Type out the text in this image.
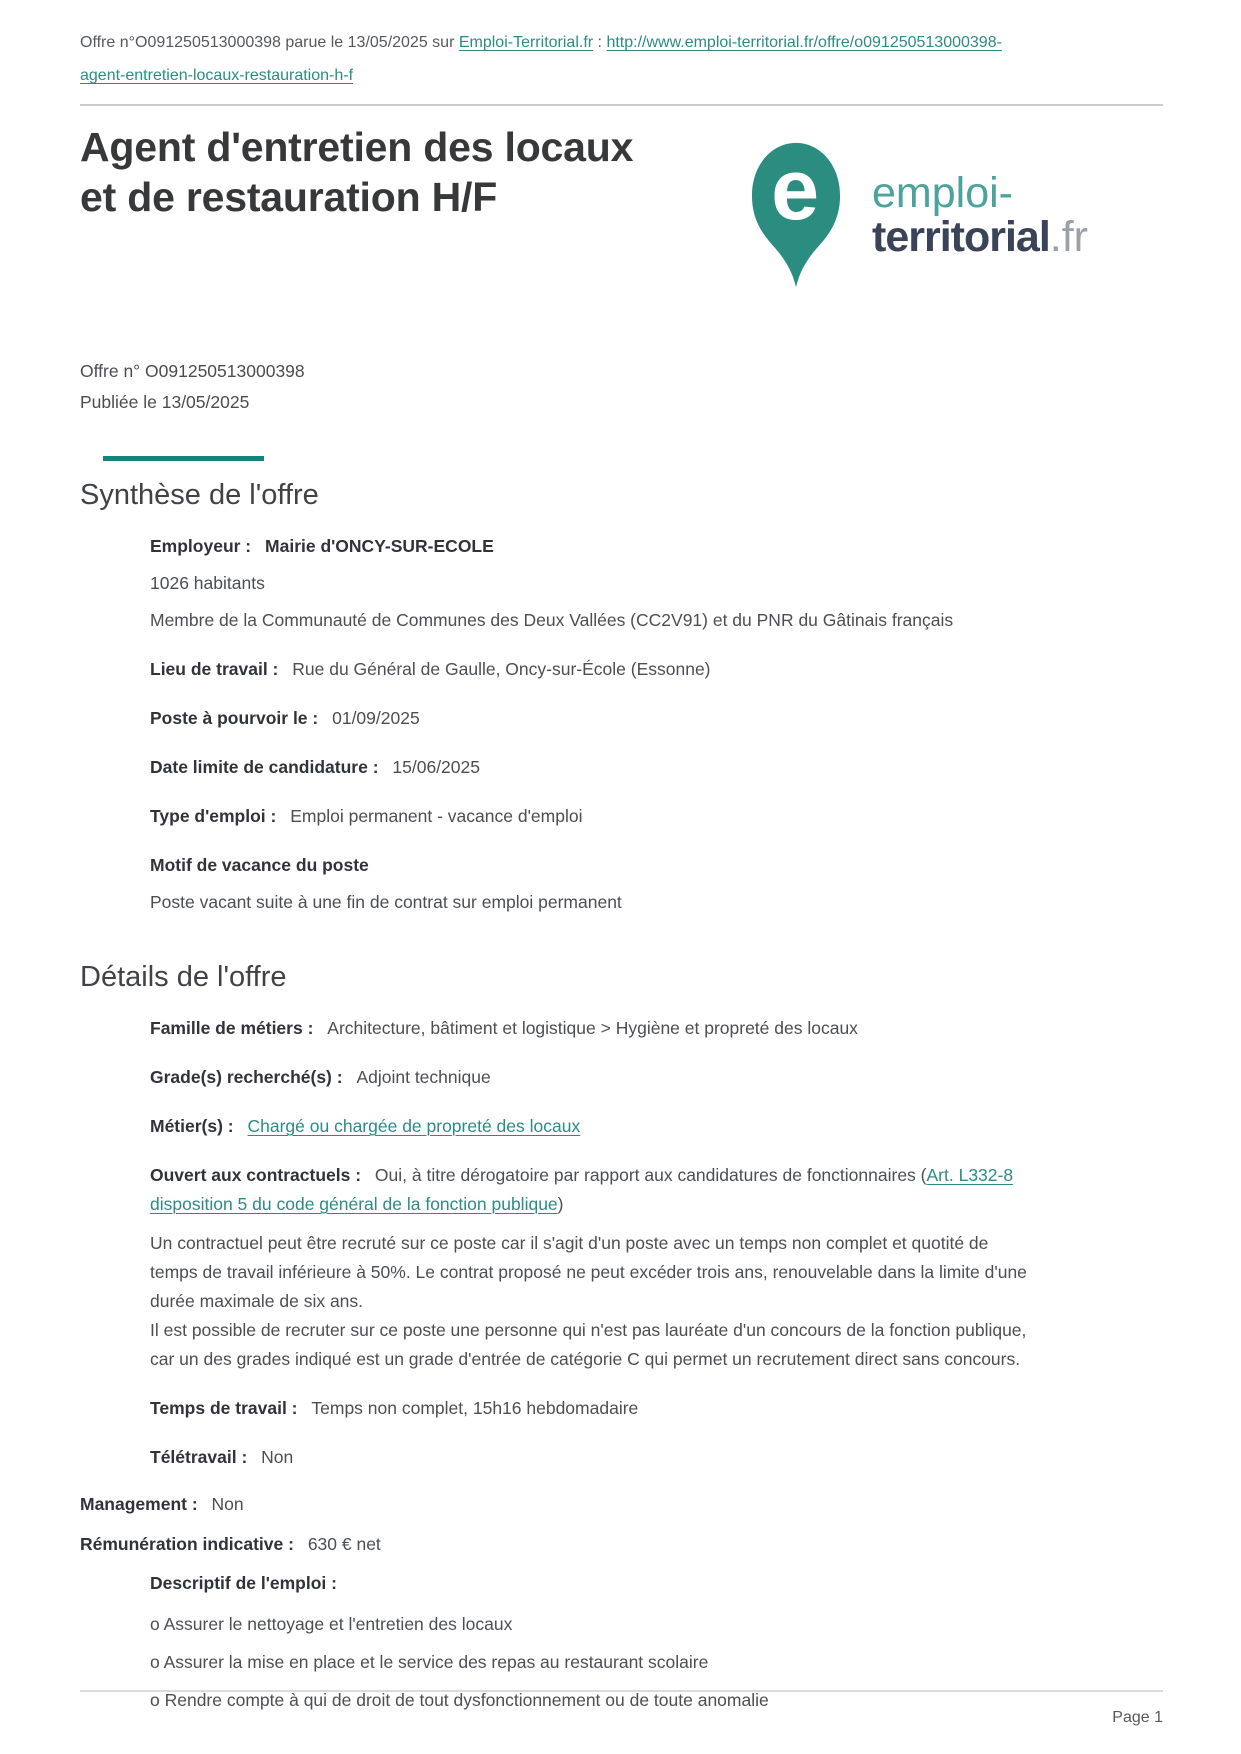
Offre n°O091250513000398 parue le 13/05/2025 sur Emploi-Territorial.fr : http://www.emploi-territorial.fr/offre/o091250513000398-agent-entretien-locaux-restauration-h-f
Agent d'entretien des locaux et de restauration H/F	e emploi-
territorial.fr
Offre n° O091250513000398
Publiée le 13/05/2025
Synthèse de l'offre
Employeur : Mairie d'ONCY-SUR-ECOLE
1026 habitants
Membre de la Communauté de Communes des Deux Vallées (CC2V91) et du PNR du Gâtinais français
Lieu de travail : Rue du Général de Gaulle, Oncy-sur-École (Essonne)
Poste à pourvoir le : 01/09/2025
Date limite de candidature : 15/06/2025
Type d'emploi : Emploi permanent - vacance d'emploi
Motif de vacance du poste
Poste vacant suite à une fin de contrat sur emploi permanent
Détails de l'offre
Famille de métiers : Architecture, bâtiment et logistique > Hygiène et propreté des locaux
Grade(s) recherché(s) : Adjoint technique
Métier(s) : Chargé ou chargée de propreté des locaux
Ouvert aux contractuels : Oui, à titre dérogatoire par rapport aux candidatures de fonctionnaires (Art. L332-8 disposition 5 du code général de la fonction publique)
Un contractuel peut être recruté sur ce poste car il s'agit d'un poste avec un temps non complet et quotité de temps de travail inférieure à 50%. Le contrat proposé ne peut excéder trois ans, renouvelable dans la limite d'une durée maximale de six ans.
Il est possible de recruter sur ce poste une personne qui n'est pas lauréate d'un concours de la fonction publique, car un des grades indiqué est un grade d'entrée de catégorie C qui permet un recrutement direct sans concours.
Temps de travail : Temps non complet, 15h16 hebdomadaire
Télétravail : Non
Management : Non
Rémunération indicative : 630 € net
Descriptif de l'emploi :
o Assurer le nettoyage et l'entretien des locaux
o Assurer la mise en place et le service des repas au restaurant scolaire
o Rendre compte à qui de droit de tout dysfonctionnement ou de toute anomalie
Page 1
